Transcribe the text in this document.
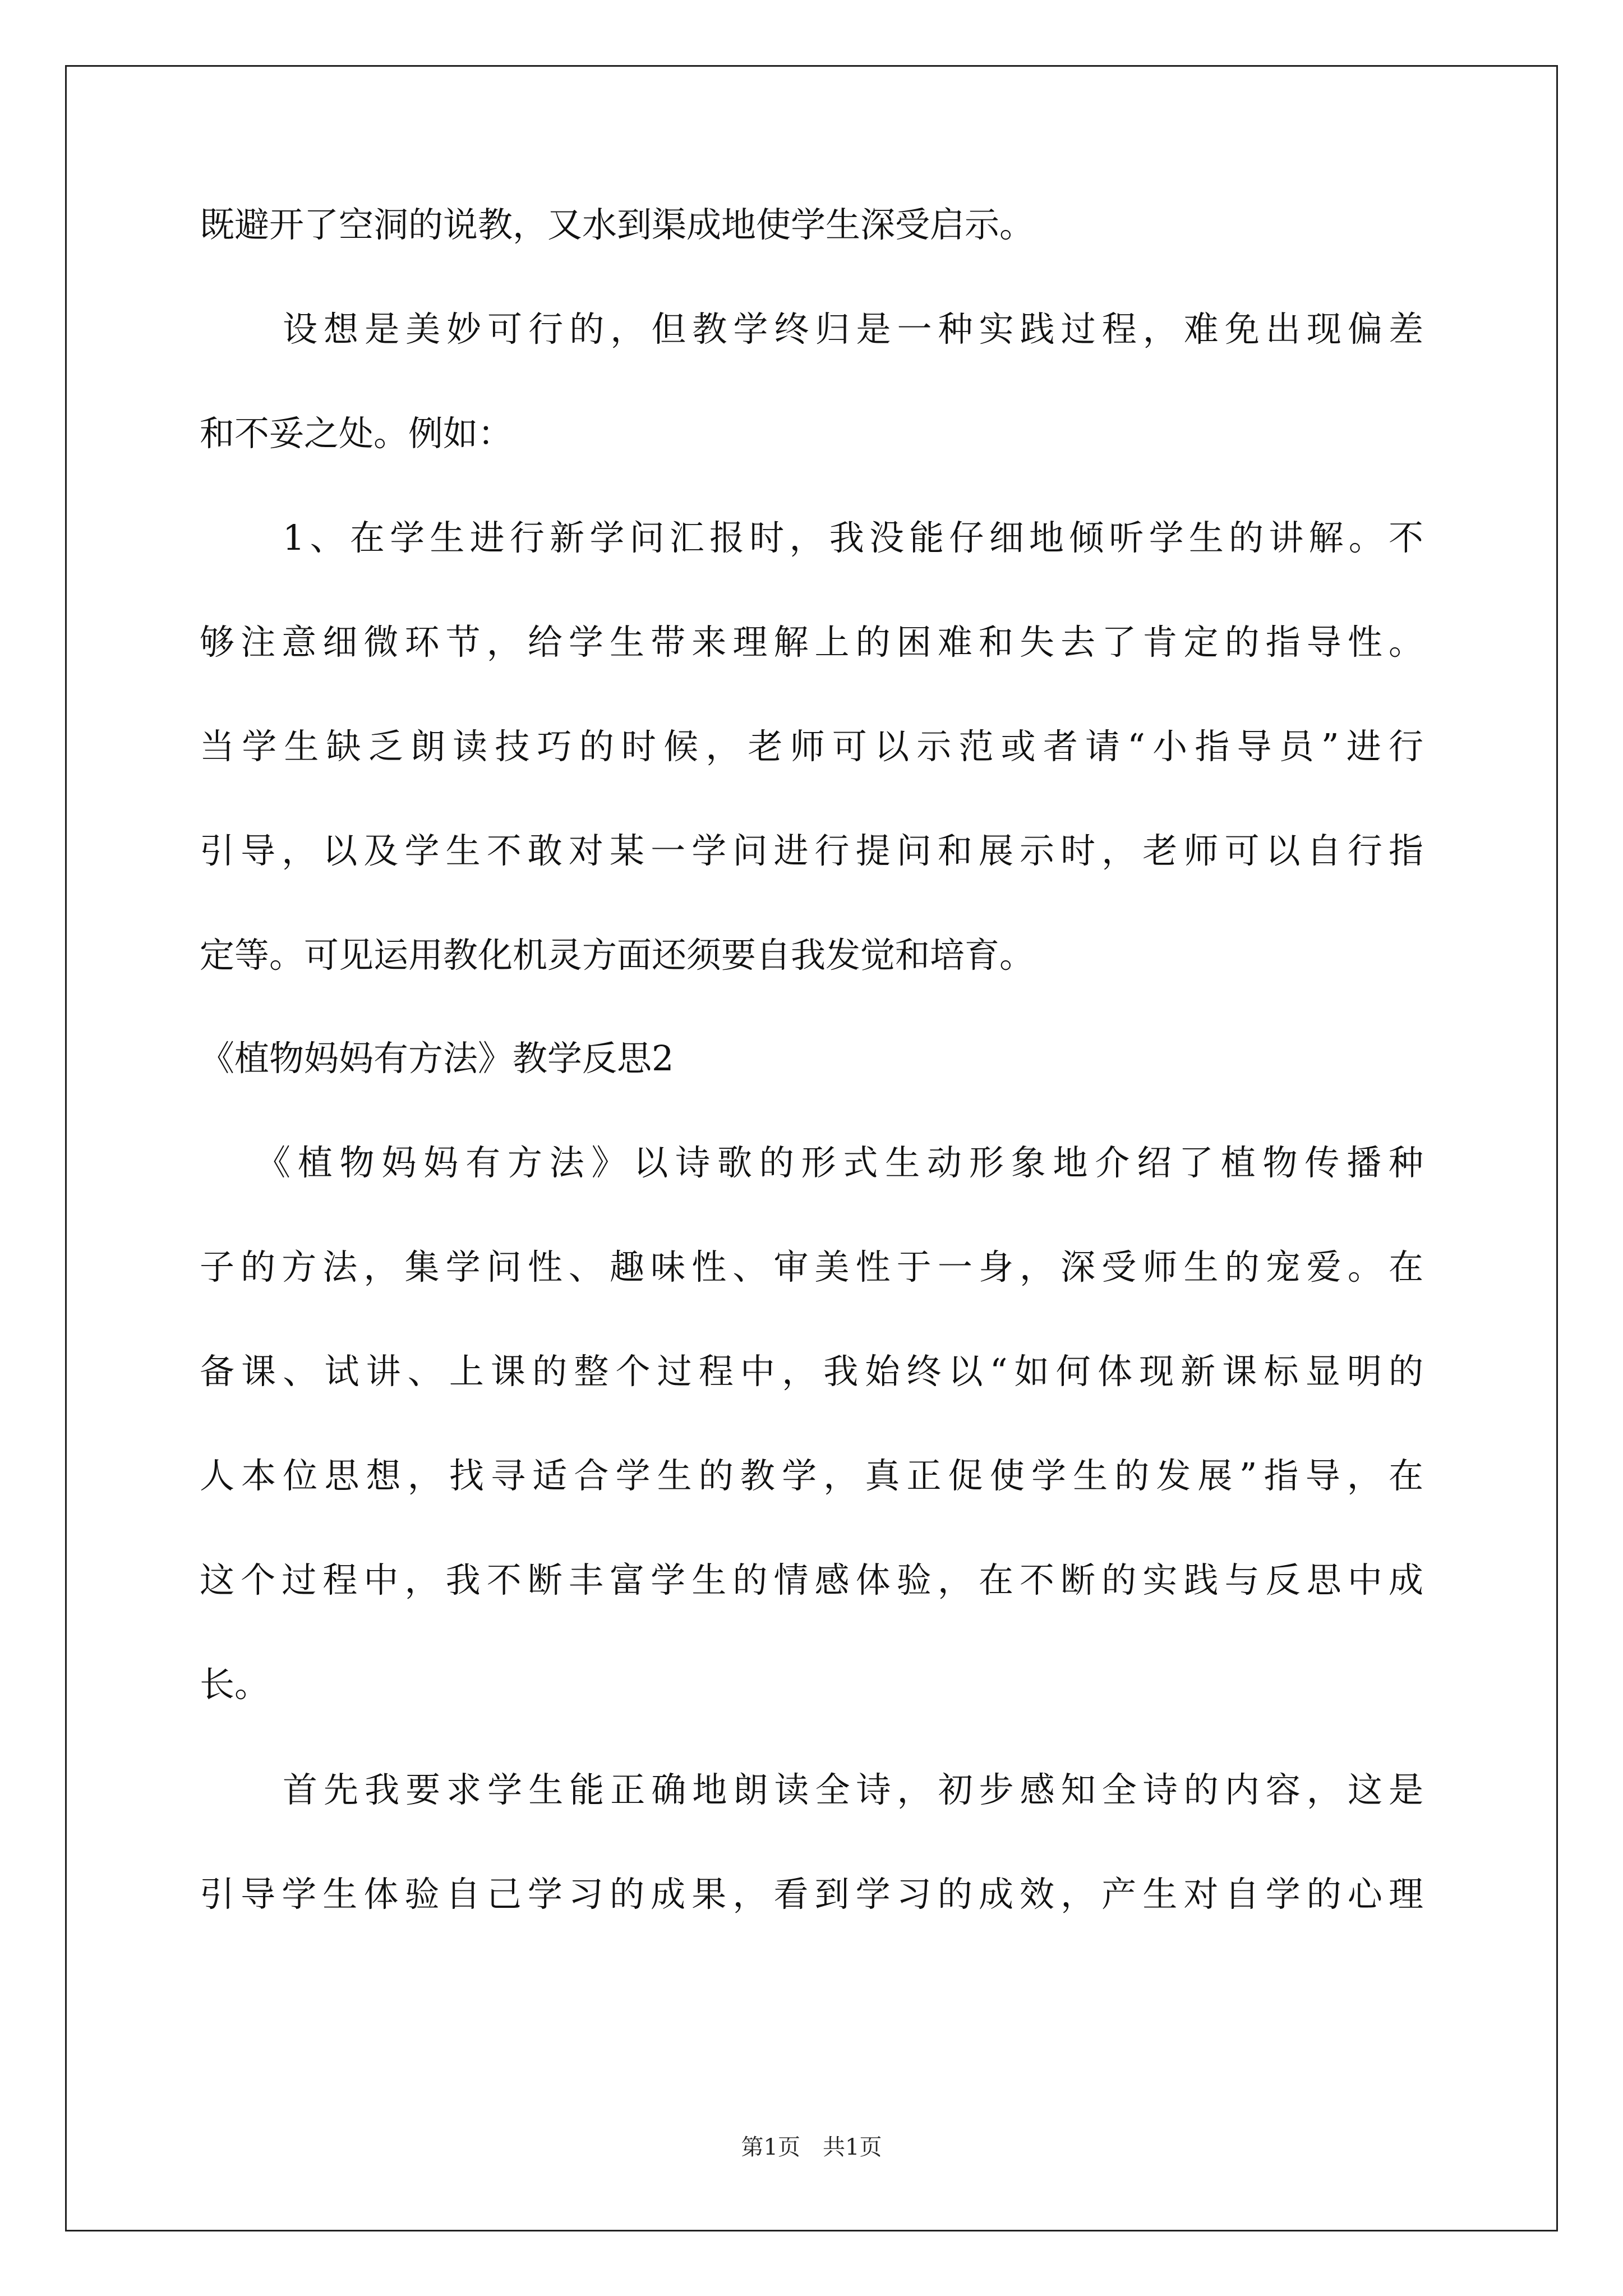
既避开了空洞的说教，又水到渠成地使学生深受启示。
设想是美妙可行的，但教学终归是一种实践过程，难免出现偏差
和不妥之处。例如：
1、在学生进行新学问汇报时，我没能仔细地倾听学生的讲解。不
够注意细微环节，给学生带来理解上的困难和失去了肯定的指导性。
当学生缺乏朗读技巧的时候，老师可以示范或者请“小指导员”进行
引导，以及学生不敢对某一学问进行提问和展示时，老师可以自行指
定等。可见运用教化机灵方面还须要自我发觉和培育。
《植物妈妈有方法》教学反思2
《植物妈妈有方法》以诗歌的形式生动形象地介绍了植物传播种
子的方法，集学问性、趣味性、审美性于一身，深受师生的宠爱。在
备课、试讲、上课的整个过程中，我始终以“如何体现新课标显明的
人本位思想，找寻适合学生的教学，真正促使学生的发展”指导，在
这个过程中，我不断丰富学生的情感体验，在不断的实践与反思中成
长。
首先我要求学生能正确地朗读全诗，初步感知全诗的内容，这是
引导学生体验自己学习的成果，看到学习的成效，产生对自学的心理
第1页　共1页
